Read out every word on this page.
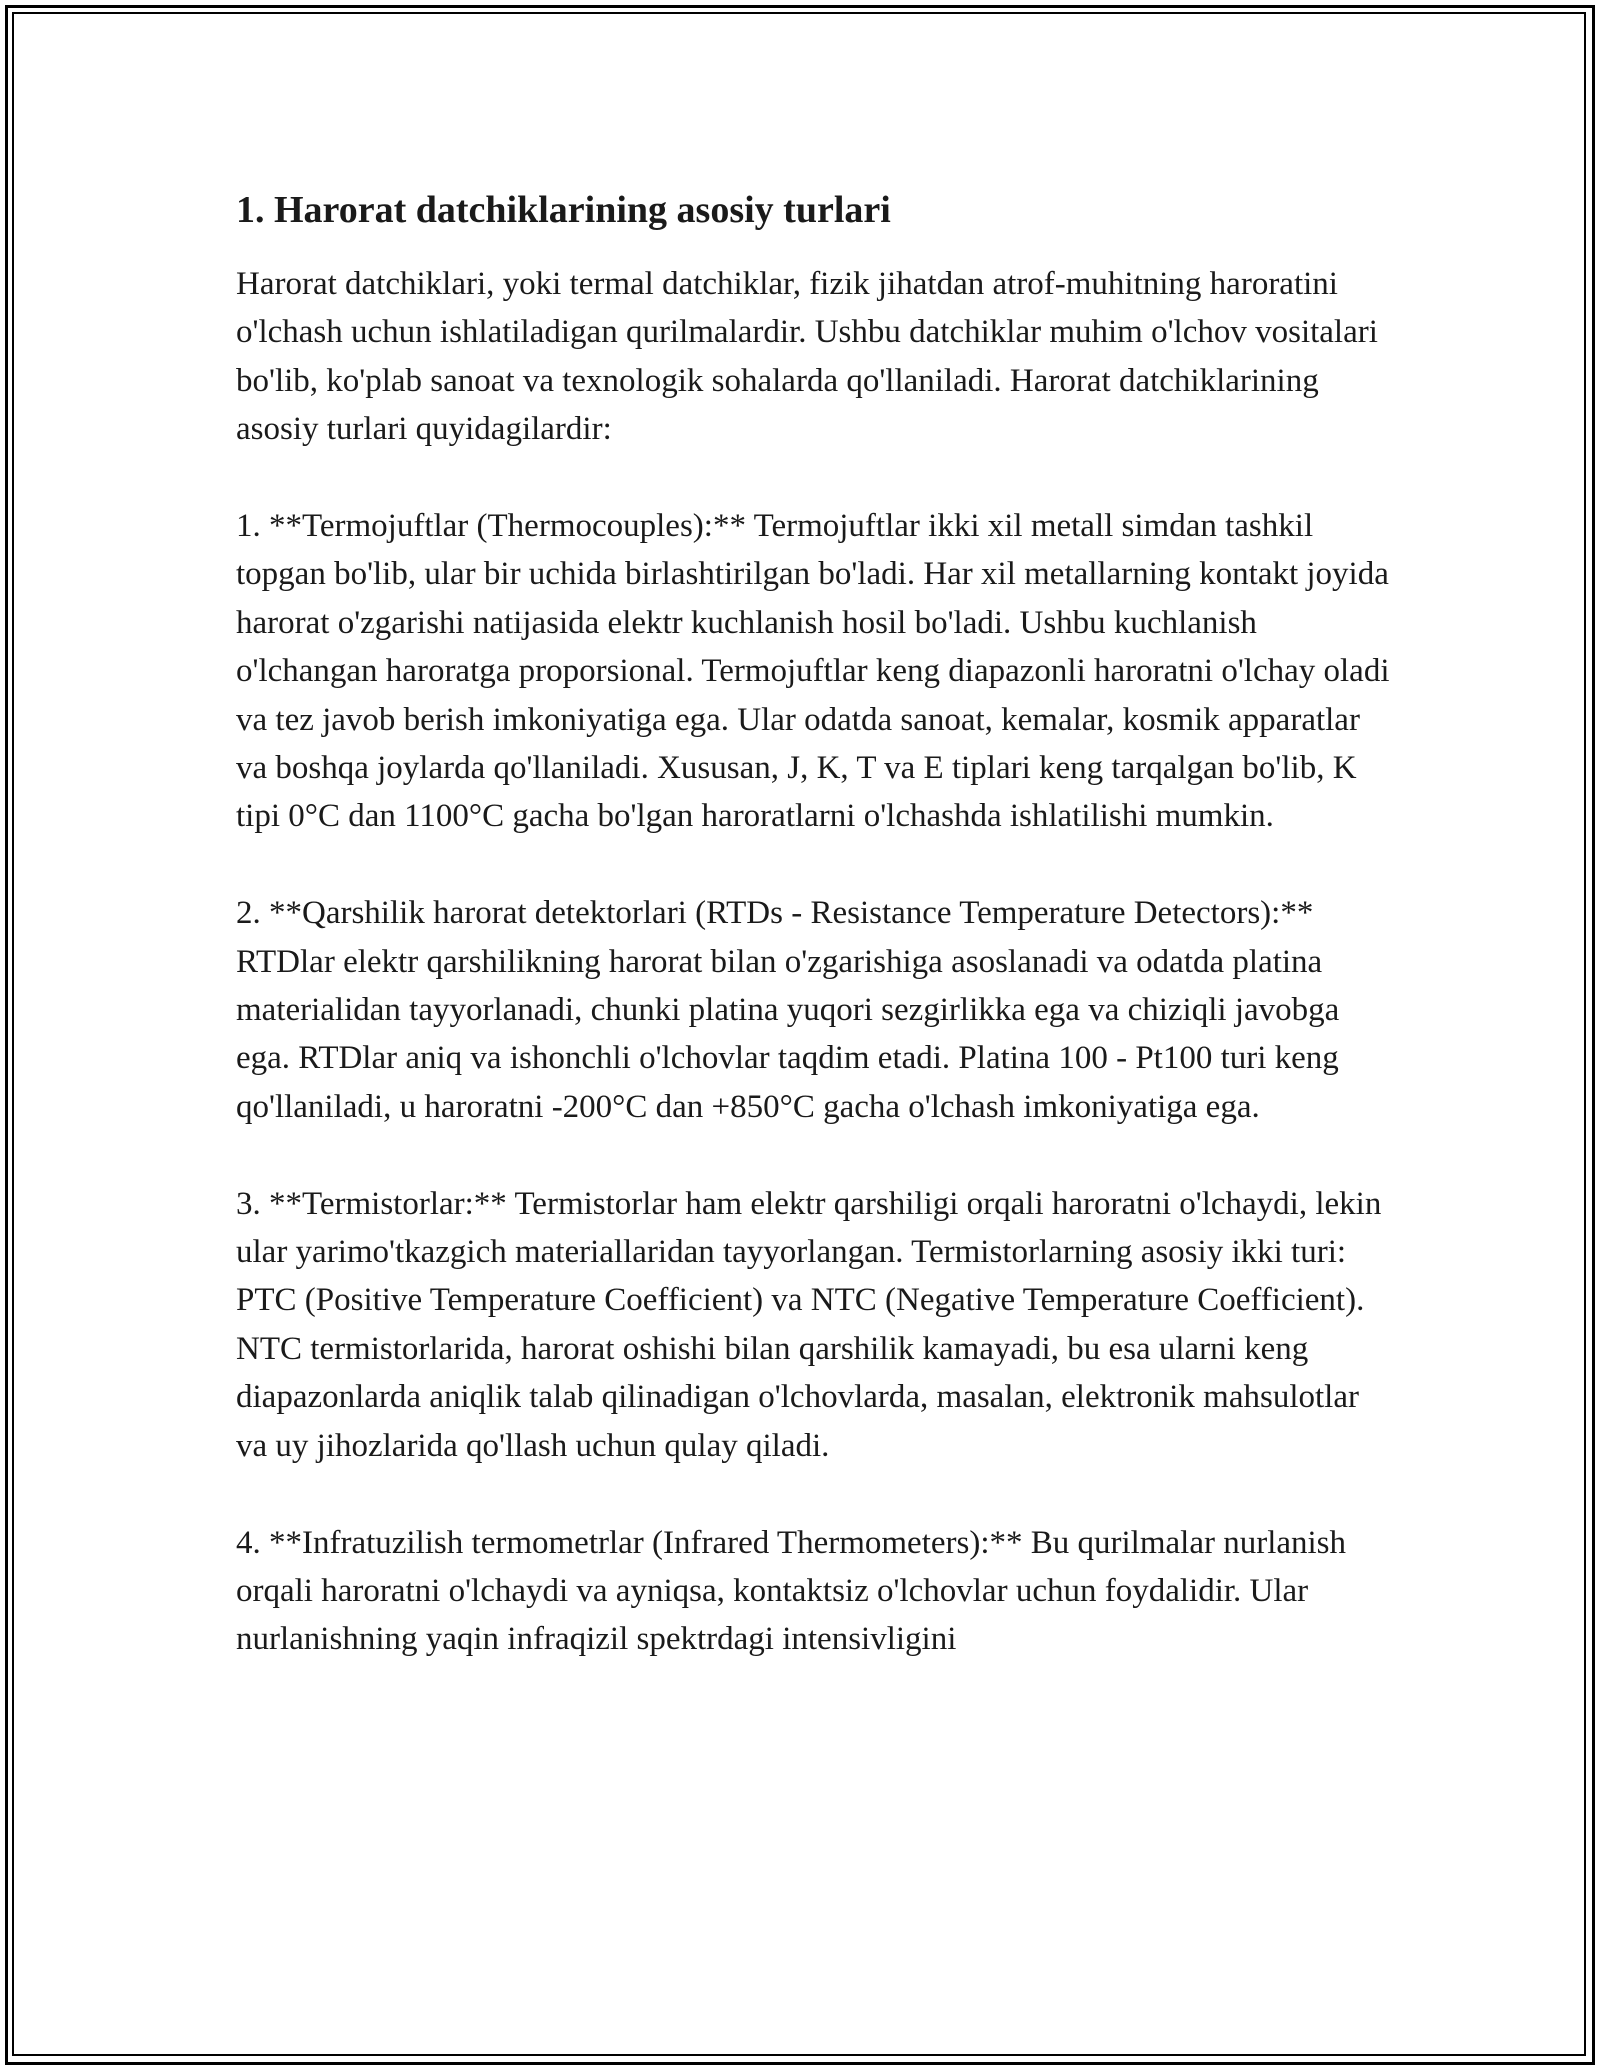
1. Harorat datchiklarining asosiy turlari

Harorat datchiklari, yoki termal datchiklar, fizik jihatdan atrof-muhitning haroratini o'lchash uchun ishlatiladigan qurilmalardir. Ushbu datchiklar muhim o'lchov vositalari bo'lib, ko'plab sanoat va texnologik sohalarda qo'llaniladi. Harorat datchiklarining asosiy turlari quyidagilardir:

1. **Termojuftlar (Thermocouples):** Termojuftlar ikki xil metall simdan tashkil topgan bo'lib, ular bir uchida birlashtirilgan bo'ladi. Har xil metallarning kontakt joyida harorat o'zgarishi natijasida elektr kuchlanish hosil bo'ladi. Ushbu kuchlanish o'lchangan haroratga proporsional. Termojuftlar keng diapazonli haroratni o'lchay oladi va tez javob berish imkoniyatiga ega. Ular odatda sanoat, kemalar, kosmik apparatlar va boshqa joylarda qo'llaniladi. Xususan, J, K, T va E tiplari keng tarqalgan bo'lib, K tipi 0°C dan 1100°C gacha bo'lgan haroratlarni o'lchashda ishlatilishi mumkin.

2. **Qarshilik harorat detektorlari (RTDs - Resistance Temperature Detectors):** RTDlar elektr qarshilikning harorat bilan o'zgarishiga asoslanadi va odatda platina materialidan tayyorlanadi, chunki platina yuqori sezgirlikka ega va chiziqli javobga ega. RTDlar aniq va ishonchli o'lchovlar taqdim etadi. Platina 100 - Pt100 turi keng qo'llaniladi, u haroratni -200°C dan +850°C gacha o'lchash imkoniyatiga ega.

3. **Termistorlar:** Termistorlar ham elektr qarshiligi orqali haroratni o'lchaydi, lekin ular yarimo'tkazgich materiallaridan tayyorlangan. Termistorlarning asosiy ikki turi: PTC (Positive Temperature Coefficient) va NTC (Negative Temperature Coefficient). NTC termistorlarida, harorat oshishi bilan qarshilik kamayadi, bu esa ularni keng diapazonlarda aniqlik talab qilinadigan o'lchovlarda, masalan, elektronik mahsulotlar va uy jihozlarida qo'llash uchun qulay qiladi.

4. **Infratuzilish termometrlar (Infrared Thermometers):** Bu qurilmalar nurlanish orqali haroratni o'lchaydi va ayniqsa, kontaktsiz o'lchovlar uchun foydalidir. Ular nurlanishning yaqin infraqizil spektrdagi intensivligini
